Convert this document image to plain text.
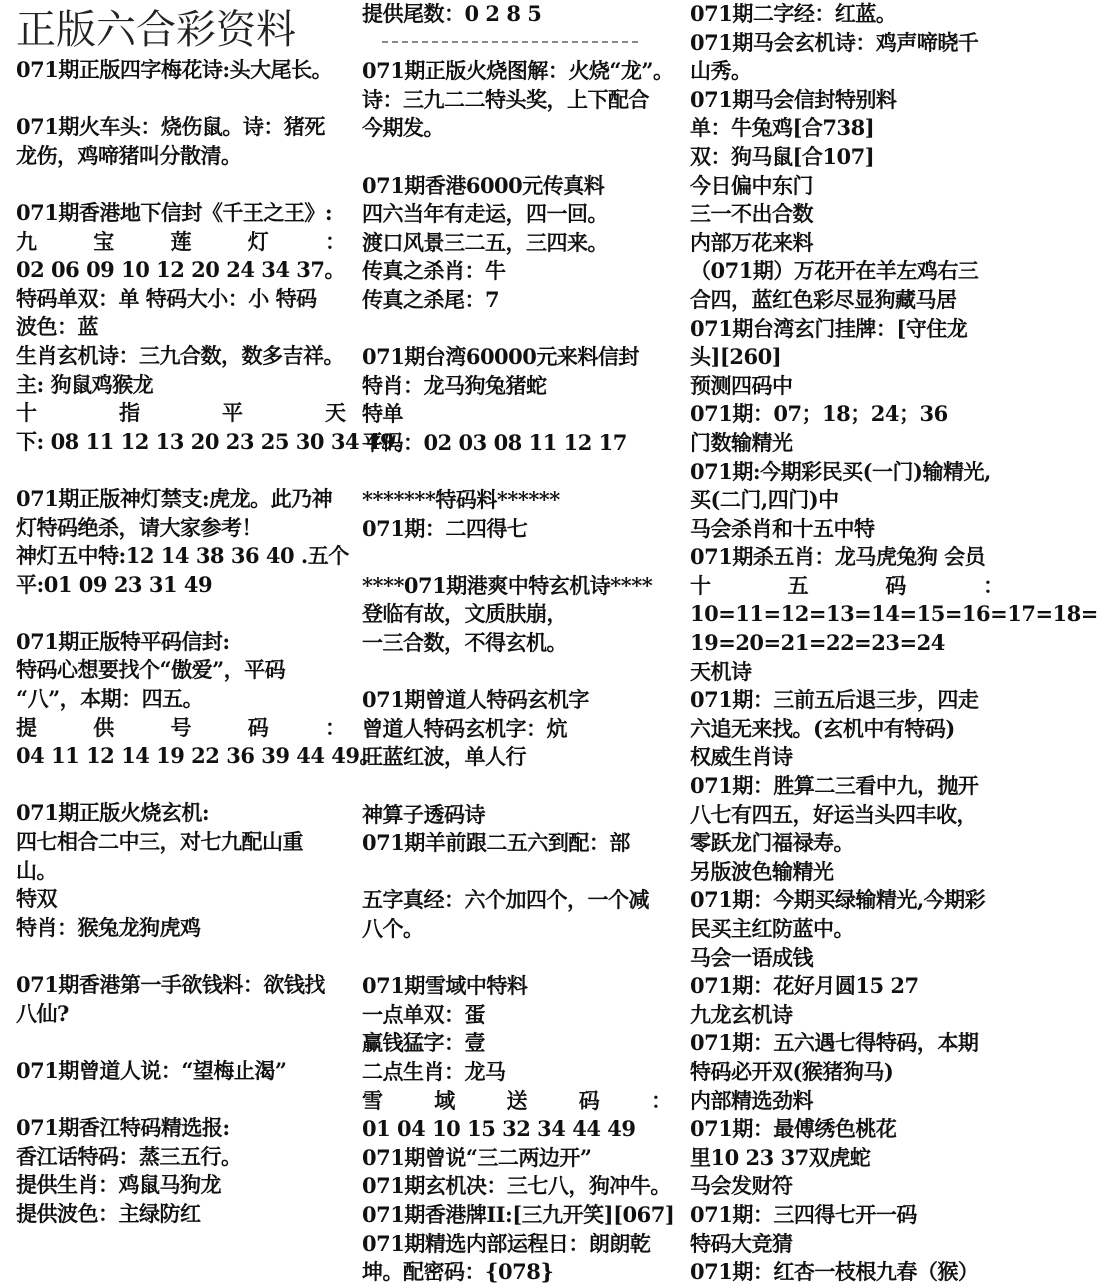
正版六合彩资料
071期正版四字梅花诗:头大尾长。
071期火车头：烧伤鼠。诗：猪死
龙伤，鸡啼猪叫分散清。
071期香港地下信封《千王之王》:
九	宝	莲	灯	：
02 06 09 10 12 20 24 34 37。
特码单双：单 特码大小：小 特码
波色：蓝
生肖玄机诗：三九合数，数多吉祥。
主: 狗鼠鸡猴龙
十	指	平	天
下: 08 11 12 13 20 23 25 30 34 49。
071期正版神灯禁支:虎龙。此乃神
灯特码绝杀，请大家参考！
神灯五中特:12 14 38 36 40 .五个
平:01 09 23 31 49
071期正版特平码信封:
特码心想要找个“傲爱”，平码
“八”，本期：四五。
提	供	号	码	：
04 11 12 14 19 22 36 39 44 49。
071期正版火烧玄机:
四七相合二中三，对七九配山重
山。
特双
特肖：猴兔龙狗虎鸡
071期香港第一手欲钱料：欲钱找
八仙?
071期曾道人说：“望梅止渴”
071期香江特码精选报:
香江话特码：蒸三五行。
提供生肖：鸡鼠马狗龙
提供波色：主绿防红
提供尾数：0 2 8 5
071期正版火烧图解：火烧“龙”。
诗：三九二二特头奖，上下配合
今期发。
071期香港6000元传真料
四六当年有走运，四一回。
渡口风景三二五，三四来。
传真之杀肖：牛
传真之杀尾：7
071期台湾60000元来料信封
特肖：龙马狗兔猪蛇
特单
平码：02 03 08 11 12 17
*******特码料******
071期：二四得七
****071期港爽中特玄机诗****
登临有故，文质肤崩，
一三合数，不得玄机。
071期曾道人特码玄机字
曾道人特码玄机字：炕
旺蓝红波，单人行
神算子透码诗
071期羊前跟二五六到配：部
五字真经：六个加四个，一个减
八个。
071期雪域中特料
一点单双：蛋
赢钱猛字：壹
二点生肖：龙马
雪 域 送 码 ：
01 04 10 15 32 34 44 49
071期曾说“三二两边开”
071期玄机决：三七八，狗冲牛。
071期香港牌II:[三九开笑][067]
071期精选内部运程日：朗朗乾
坤。配密码：{078}
071期二字经：红蓝。
071期马会玄机诗：鸡声啼晓千
山秀。
071期马会信封特别料
单：牛兔鸡[合738]
双：狗马鼠[合107]
今日偏中东门
三一不出合数
内部万花来料
（071期）万花开在羊左鸡右三
合四，蓝红色彩尽显狗藏马居
071期台湾玄门挂牌：[守住龙
头][260]
预测四码中
071期：07；18；24；36
门数输精光
071期:今期彩民买(一门)输精光,
买(二门,四门)中
马会杀肖和十五中特
071期杀五肖：龙马虎兔狗 会员
十	五	码	：
10=11=12=13=14=15=16=17=18=
19=20=21=22=23=24
天机诗
071期：三前五后退三步，四走
六追无来找。(玄机中有特码)
权威生肖诗
071期：胜算二三看中九，抛开
八七有四五，好运当头四丰收，
零跃龙门福禄寿。
另版波色输精光
071期：今期买绿输精光,今期彩
民买主红防蓝中。
马会一语成钱
071期：花好月圆15 27
九龙玄机诗
071期：五六遇七得特码，本期
特码必开双(猴猪狗马)
内部精选劲料
071期：最傅绣色桃花
里10 23 37双虎蛇
马会发财符
071期：三四得七开一码
特码大竞猜
071期：红杏一枝根九春（猴）
